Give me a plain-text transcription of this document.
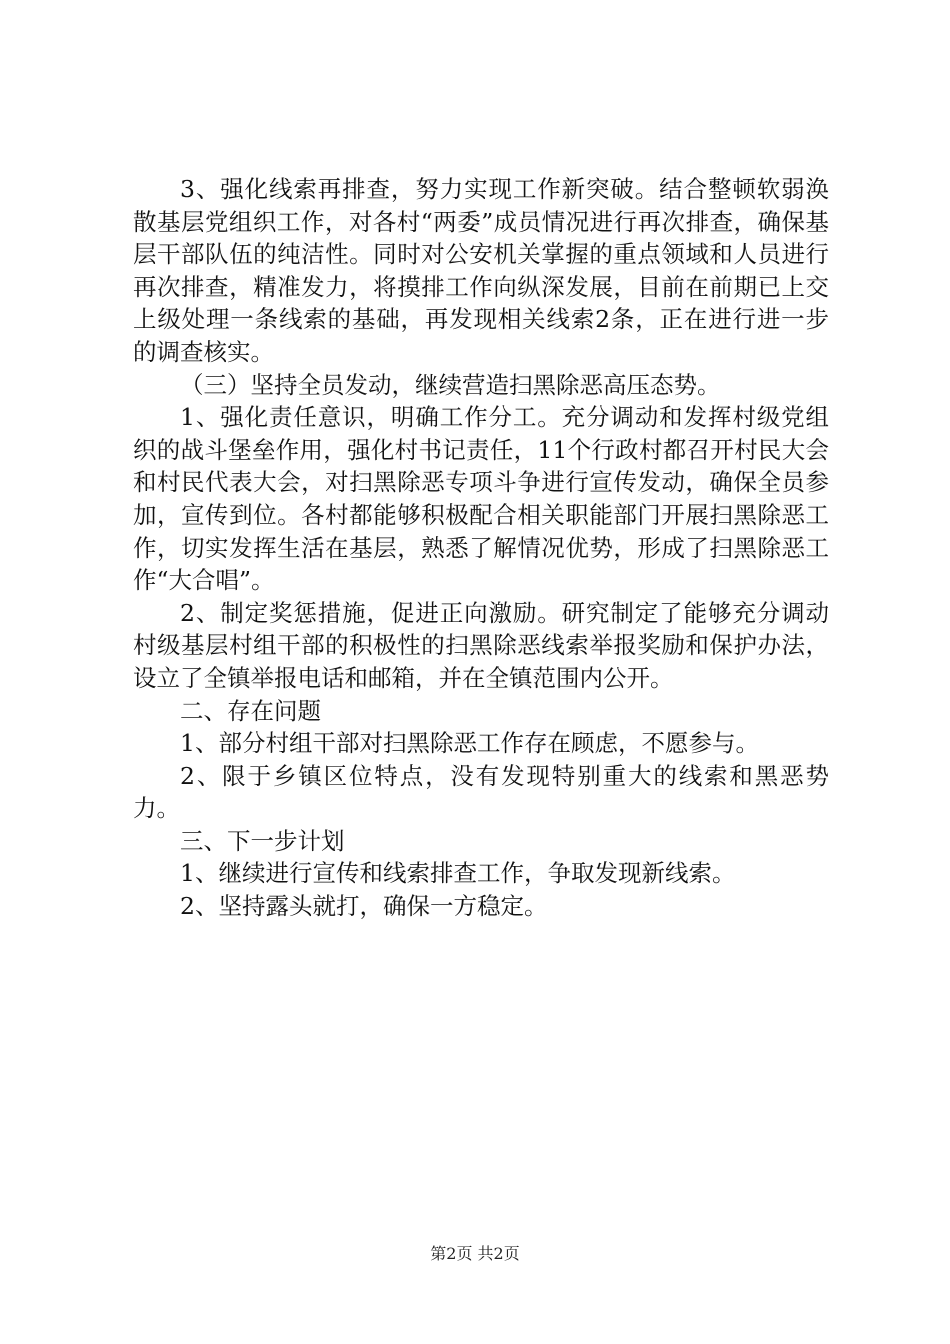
3、强化线索再排查，努力实现工作新突破。结合整顿软弱涣散基层党组织工作，对各村“两委”成员情况进行再次排查，确保基层干部队伍的纯洁性。同时对公安机关掌握的重点领域和人员进行再次排查，精准发力，将摸排工作向纵深发展，目前在前期已上交上级处理一条线索的基础，再发现相关线索2条，正在进行进一步的调查核实。

（三）坚持全员发动，继续营造扫黑除恶高压态势。

1、强化责任意识，明确工作分工。充分调动和发挥村级党组织的战斗堡垒作用，强化村书记责任，11个行政村都召开村民大会和村民代表大会，对扫黑除恶专项斗争进行宣传发动，确保全员参加，宣传到位。各村都能够积极配合相关职能部门开展扫黑除恶工作，切实发挥生活在基层，熟悉了解情况优势，形成了扫黑除恶工作“大合唱”。

2、制定奖惩措施，促进正向激励。研究制定了能够充分调动村级基层村组干部的积极性的扫黑除恶线索举报奖励和保护办法，设立了全镇举报电话和邮箱，并在全镇范围内公开。

二、存在问题

1、部分村组干部对扫黑除恶工作存在顾虑，不愿参与。

2、限于乡镇区位特点，没有发现特别重大的线索和黑恶势力。

三、下一步计划

1、继续进行宣传和线索排查工作，争取发现新线索。

2、坚持露头就打，确保一方稳定。

第2页 共2页
